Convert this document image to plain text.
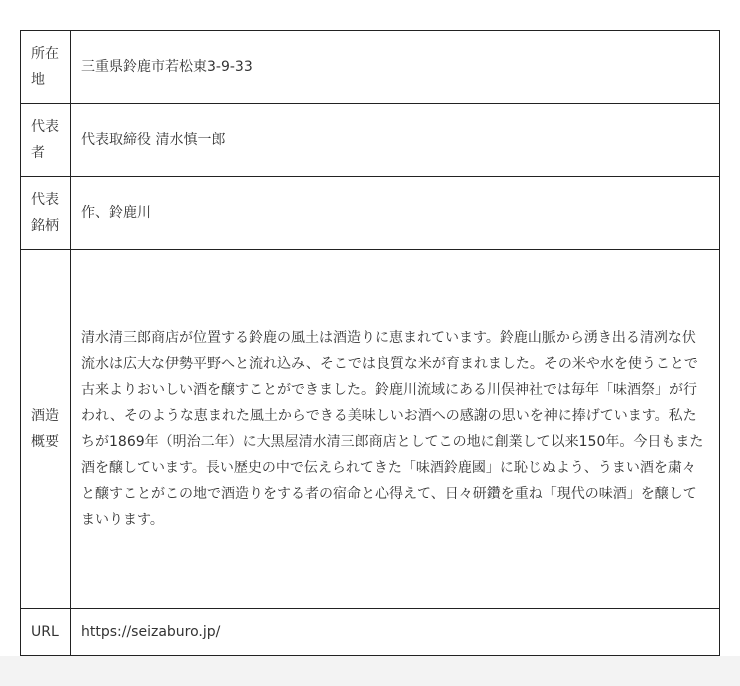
所在地	三重県鈴鹿市若松東3-9-33
代表者	代表取締役 清水慎一郎
代表銘柄	作、鈴鹿川
酒造概要	清水清三郎商店が位置する鈴鹿の風土は酒造りに恵まれています。鈴鹿山脈から湧き出る清冽な伏流水は広大な伊勢平野へと流れ込み、そこでは良質な米が育まれました。その米や水を使うことで古来よりおいしい酒を醸すことができました。鈴鹿川流域にある川俣神社では毎年「味酒祭」が行われ、そのような恵まれた風土からできる美味しいお酒への感謝の思いを神に捧げています。私たちが1869年（明治二年）に大黒屋清水清三郎商店としてこの地に創業して以来150年。今日もまた酒を醸しています。長い歴史の中で伝えられてきた「味酒鈴鹿國」に恥じぬよう、うまい酒を粛々と醸すことがこの地で酒造りをする者の宿命と心得えて、日々研鑽を重ね「現代の味酒」を醸してまいります。
URL	https://seizaburo.jp/
